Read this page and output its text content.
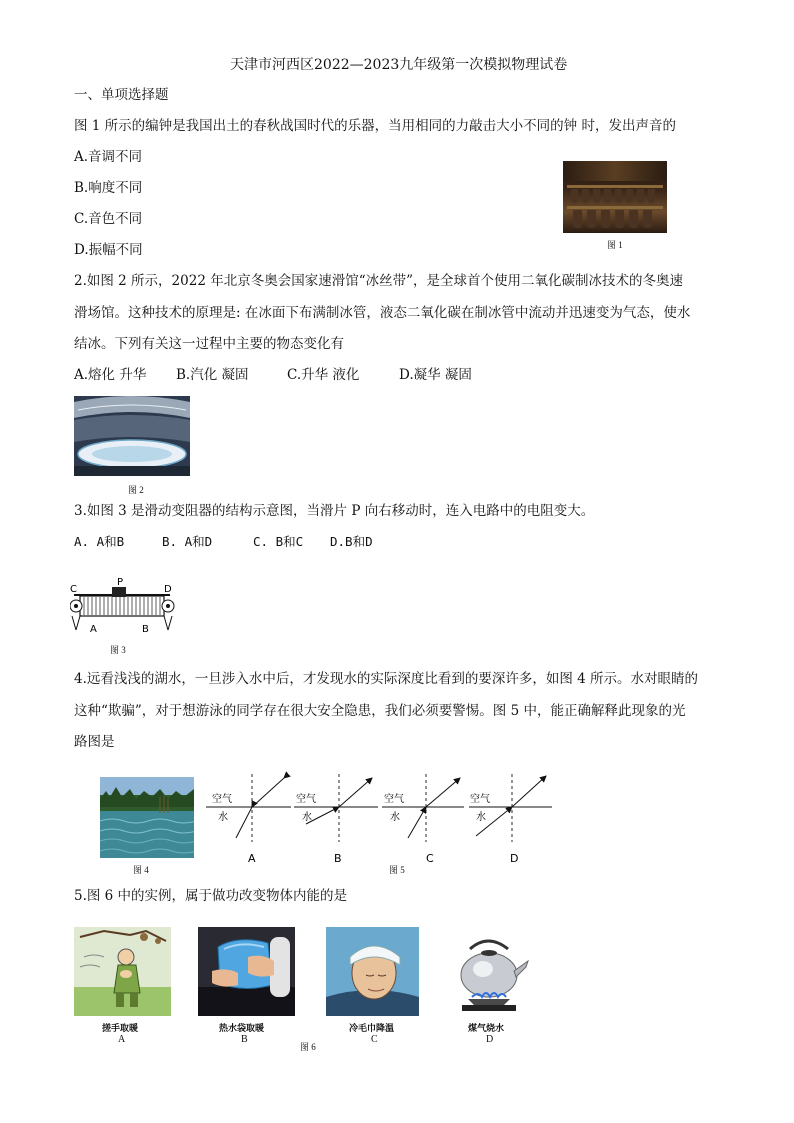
天津市河西区2022—2023九年级第一次模拟物理试卷
一、单项选择题
图 1 所示的编钟是我国出土的春秋战国时代的乐器，当用相同的力敲击大小不同的钟 时，发出声音的
A.音调不同
B.响度不同
C.音色不同
D.振幅不同	图 1
2.如图 2 所示，2022 年北京冬奥会国家速滑馆“冰丝带”，是全球首个使用二氧化碳制冰技术的冬奥速
滑场馆。这种技术的原理是: 在冰面下布满制冰管，液态二氧化碳在制冰管中流动并迅速变为气态，使水
结冰。下列有关这一过程中主要的物态变化有
A.熔化 升华 B.汽化 凝固	C.升华 液化	D.凝华 凝固
图 2
3.如图 3 是滑动变阻器的结构示意图，当滑片 P 向右移动时，连入电路中的电阻变大。
A. A和B	B. A和D	C. B和C D.B和D
C
P
D
A	B
图 3
4.远看浅浅的湖水，一旦涉入水中后，才发现水的实际深度比看到的要深许多，如图 4 所示。水对眼睛的
这种“欺骗”，对于想游泳的同学存在很大安全隐患，我们必须要警惕。图 5 中，能正确解释此现象的光
路图是
图 4
空气
水
A
空气
水
B
空气
水
C
空气
水
D
图 5
5.图 6 中的实例，属于做功改变物体内能的是
搓手取暖
A
热水袋取暖
B
冷毛巾降温
C
煤气烧水
D
图 6
